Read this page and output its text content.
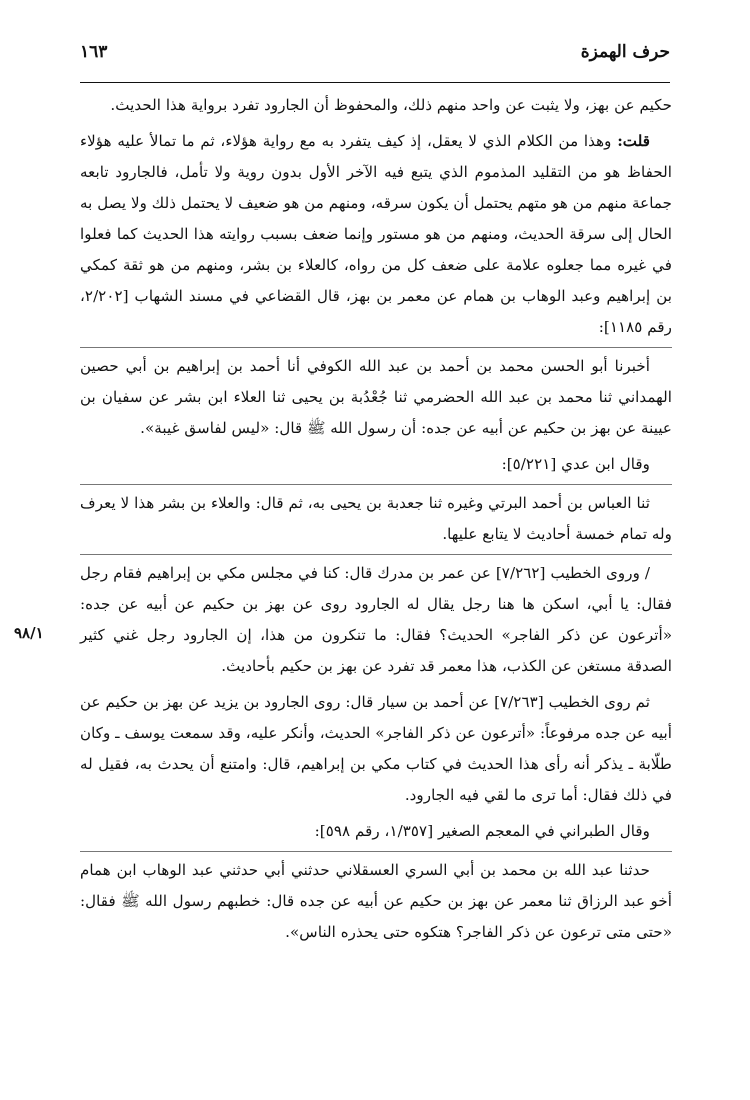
حرف الهمزة
١٦٣
٩٨/١

حكيم عن بهز، ولا يثبت عن واحد منهم ذلك، والمحفوظ أن الجارود تفرد برواية هذا الحديث.

قلت: وهذا من الكلام الذي لا يعقل، إذ كيف يتفرد به مع رواية هؤلاء، ثم ما تمالأ عليه هؤلاء الحفاظ هو من التقليد المذموم الذي يتبع فيه الآخر الأول بدون روية ولا تأمل، فالجارود تابعه جماعة منهم من هو متهم يحتمل أن يكون سرقه، ومنهم من هو ضعيف لا يحتمل ذلك ولا يصل به الحال إلى سرقة الحديث، ومنهم من هو مستور وإنما ضعف بسبب روايته هذا الحديث كما فعلوا في غيره مما جعلوه علامة على ضعف كل من رواه، كالعلاء بن بشر، ومنهم من هو ثقة كمكي بن إبراهيم وعبد الوهاب بن همام عن معمر بن بهز، قال القضاعي في مسند الشهاب [٢/٢٠٢، رقم ١١٨٥]:

أخبرنا أبو الحسن محمد بن أحمد بن عبد الله الكوفي أنا أحمد بن إبراهيم بن أبي حصين الهمداني ثنا محمد بن عبد الله الحضرمي ثنا جُعْدُبة بن يحيى ثنا العلاء ابن بشر عن سفيان بن عيينة عن بهز بن حكيم عن أبيه عن جده: أن رسول الله ﷺ قال: «ليس لفاسق غيبة».

وقال ابن عدي [٥/٢٢١]:

ثنا العباس بن أحمد البرتي وغيره ثنا جعدبة بن يحيى به، ثم قال: والعلاء بن بشر هذا لا يعرف وله تمام خمسة أحاديث لا يتابع عليها.

/ وروى الخطيب [٧/٢٦٢] عن عمر بن مدرك قال: كنا في مجلس مكي بن إبراهيم فقام رجل فقال: يا أبي، اسكن ها هنا رجل يقال له الجارود روى عن بهز بن حكيم عن أبيه عن جده: «أترعون عن ذكر الفاجر» الحديث؟ فقال: ما تنكرون من هذا، إن الجارود رجل غني كثير الصدقة مستغن عن الكذب، هذا معمر قد تفرد عن بهز بن حكيم بأحاديث.

ثم روى الخطيب [٧/٢٦٣] عن أحمد بن سيار قال: روى الجارود بن يزيد عن بهز بن حكيم عن أبيه عن جده مرفوعاً: «أترعون عن ذكر الفاجر» الحديث، وأنكر عليه، وقد سمعت يوسف ـ وكان طلّابة ـ يذكر أنه رأى هذا الحديث في كتاب مكي بن إبراهيم، قال: وامتنع أن يحدث به، فقيل له في ذلك فقال: أما ترى ما لقي فيه الجارود.

وقال الطبراني في المعجم الصغير [١/٣٥٧، رقم ٥٩٨]:

حدثنا عبد الله بن محمد بن أبي السري العسقلاني حدثني أبي حدثني عبد الوهاب ابن همام أخو عبد الرزاق ثنا معمر عن بهز بن حكيم عن أبيه عن جده قال: خطبهم رسول الله ﷺ فقال: «حتى متى ترعون عن ذكر الفاجر؟ هتكوه حتى يحذره الناس».
